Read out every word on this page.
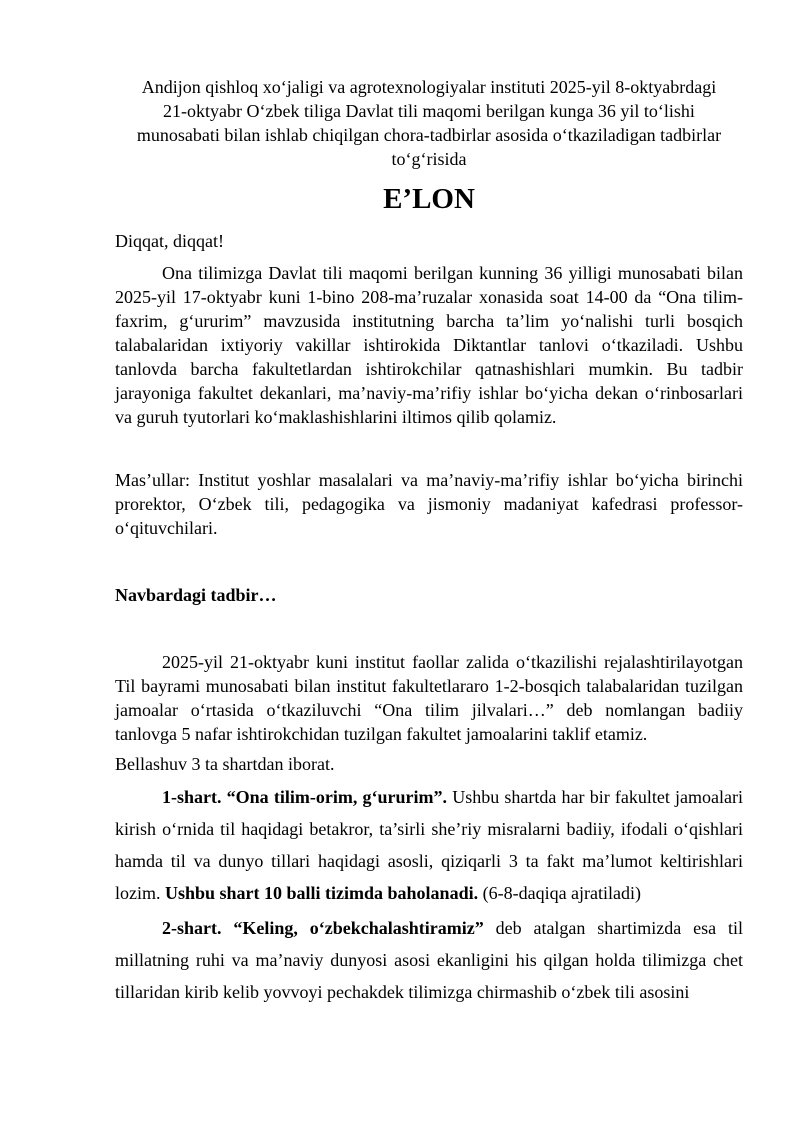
Andijon qishloq xo‘jaligi va agrotexnologiyalar instituti 2025-yil 8-oktyabrdagi
21-oktyabr O‘zbek tiliga Davlat tili maqomi berilgan kunga 36 yil to‘lishi
munosabati bilan ishlab chiqilgan chora-tadbirlar asosida o‘tkaziladigan tadbirlar
to‘g‘risida
E’LON

Diqqat, diqqat!

Ona tilimizga Davlat tili maqomi berilgan kunning 36 yilligi munosabati bilan 2025-yil 17-oktyabr kuni 1-bino 208-ma’ruzalar xonasida soat 14-00 da “Ona tilim-faxrim, g‘ururim” mavzusida institutning barcha ta’lim yo‘nalishi turli bosqich talabalaridan ixtiyoriy vakillar ishtirokida Diktantlar tanlovi o‘tkaziladi. Ushbu tanlovda barcha fakultetlardan ishtirokchilar qatnashishlari mumkin. Bu tadbir jarayoniga fakultet dekanlari, ma’naviy-ma’rifiy ishlar bo‘yicha dekan o‘rinbosarlari va guruh tyutorlari ko‘maklashishlarini iltimos qilib qolamiz.

Mas’ullar: Institut yoshlar masalalari va ma’naviy-ma’rifiy ishlar bo‘yicha birinchi prorektor, O‘zbek tili, pedagogika va jismoniy madaniyat kafedrasi professor-o‘qituvchilari.

Navbardagi tadbir…

2025-yil 21-oktyabr kuni institut faollar zalida o‘tkazilishi rejalashtirilayotgan Til bayrami munosabati bilan institut fakultetlararo 1-2-bosqich talabalaridan tuzilgan jamoalar o‘rtasida o‘tkaziluvchi “Ona tilim jilvalari…” deb nomlangan badiiy tanlovga 5 nafar ishtirokchidan tuzilgan fakultet jamoalarini taklif etamiz.

Bellashuv 3 ta shartdan iborat.

1-shart. “Ona tilim-orim, g‘ururim”. Ushbu shartda har bir fakultet jamoalari kirish o‘rnida til haqidagi betakror, ta’sirli she’riy misralarni badiiy, ifodali o‘qishlari hamda til va dunyo tillari haqidagi asosli, qiziqarli 3 ta fakt ma’lumot keltirishlari lozim. Ushbu shart 10 balli tizimda baholanadi. (6-8-daqiqa ajratiladi)

2-shart. “Keling, o‘zbekchalashtiramiz” deb atalgan shartimizda esa til millatning ruhi va ma’naviy dunyosi asosi ekanligini his qilgan holda tilimizga chet tillaridan kirib kelib yovvoyi pechakdek tilimizga chirmashib o‘zbek tili asosini
